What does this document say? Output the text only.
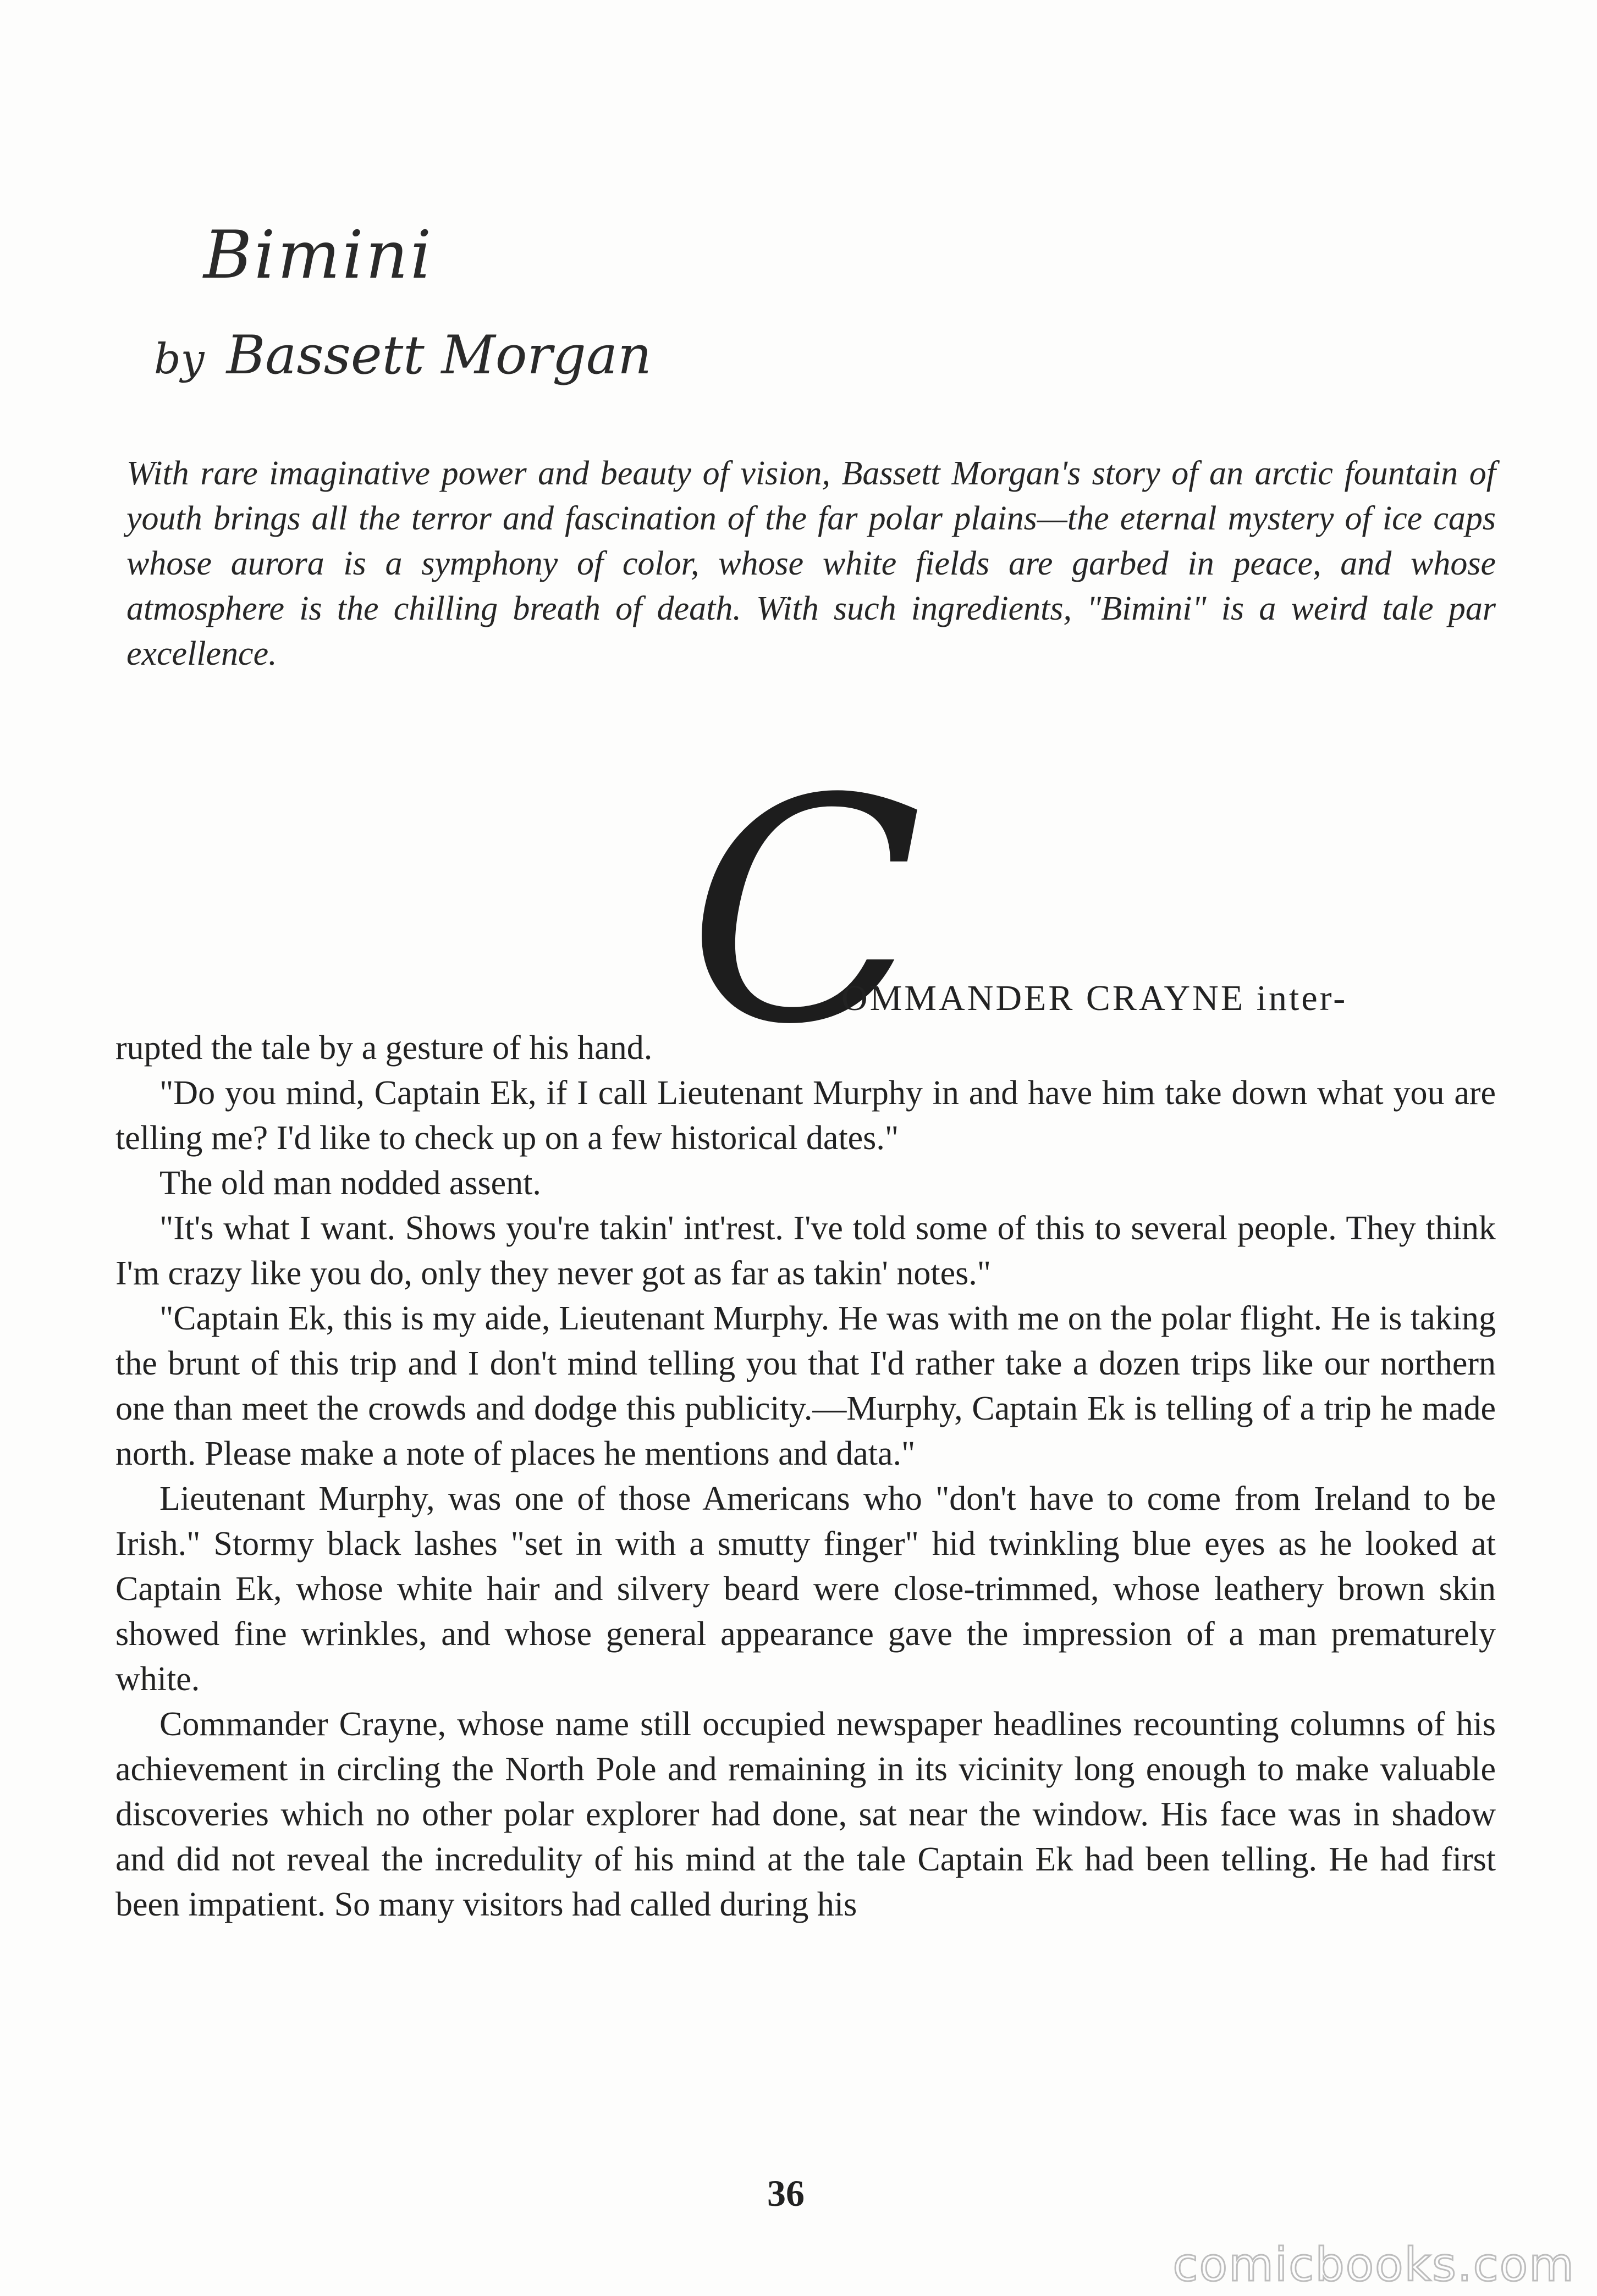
Bimini
by Bassett Morgan
With rare imaginative power and beauty of vision, Bassett Morgan's story of an arctic fountain of youth brings all the terror and fascination of the far polar plains—the eternal mystery of ice caps whose aurora is a symphony of color, whose white fields are garbed in peace, and whose atmosphere is the chilling breath of death. With such ingredients, "Bimini" is a weird tale par excellence.
C
OMMANDER CRAYNE inter-

rupted the tale by a gesture of his hand.

"Do you mind, Captain Ek, if I call Lieutenant Murphy in and have him take down what you are telling me? I'd like to check up on a few historical dates."

The old man nodded assent.

"It's what I want. Shows you're takin' int'rest. I've told some of this to several people. They think I'm crazy like you do, only they never got as far as takin' notes."

"Captain Ek, this is my aide, Lieutenant Murphy. He was with me on the polar flight. He is taking the brunt of this trip and I don't mind telling you that I'd rather take a dozen trips like our northern one than meet the crowds and dodge this publicity.—Murphy, Captain Ek is telling of a trip he made north. Please make a note of places he mentions and data."

Lieutenant Murphy, was one of those Americans who "don't have to come from Ireland to be Irish." Stormy black lashes "set in with a smutty finger" hid twinkling blue eyes as he looked at Captain Ek, whose white hair and silvery beard were close-trimmed, whose leathery brown skin showed fine wrinkles, and whose general appearance gave the impression of a man prematurely white.

Commander Crayne, whose name still occupied newspaper headlines recounting columns of his achievement in circling the North Pole and remaining in its vicinity long enough to make valuable discoveries which no other polar explorer had done, sat near the window. His face was in shadow and did not reveal the incredulity of his mind at the tale Captain Ek had been telling. He had first been impatient. So many visitors had called during his

36
comicbooks.com
